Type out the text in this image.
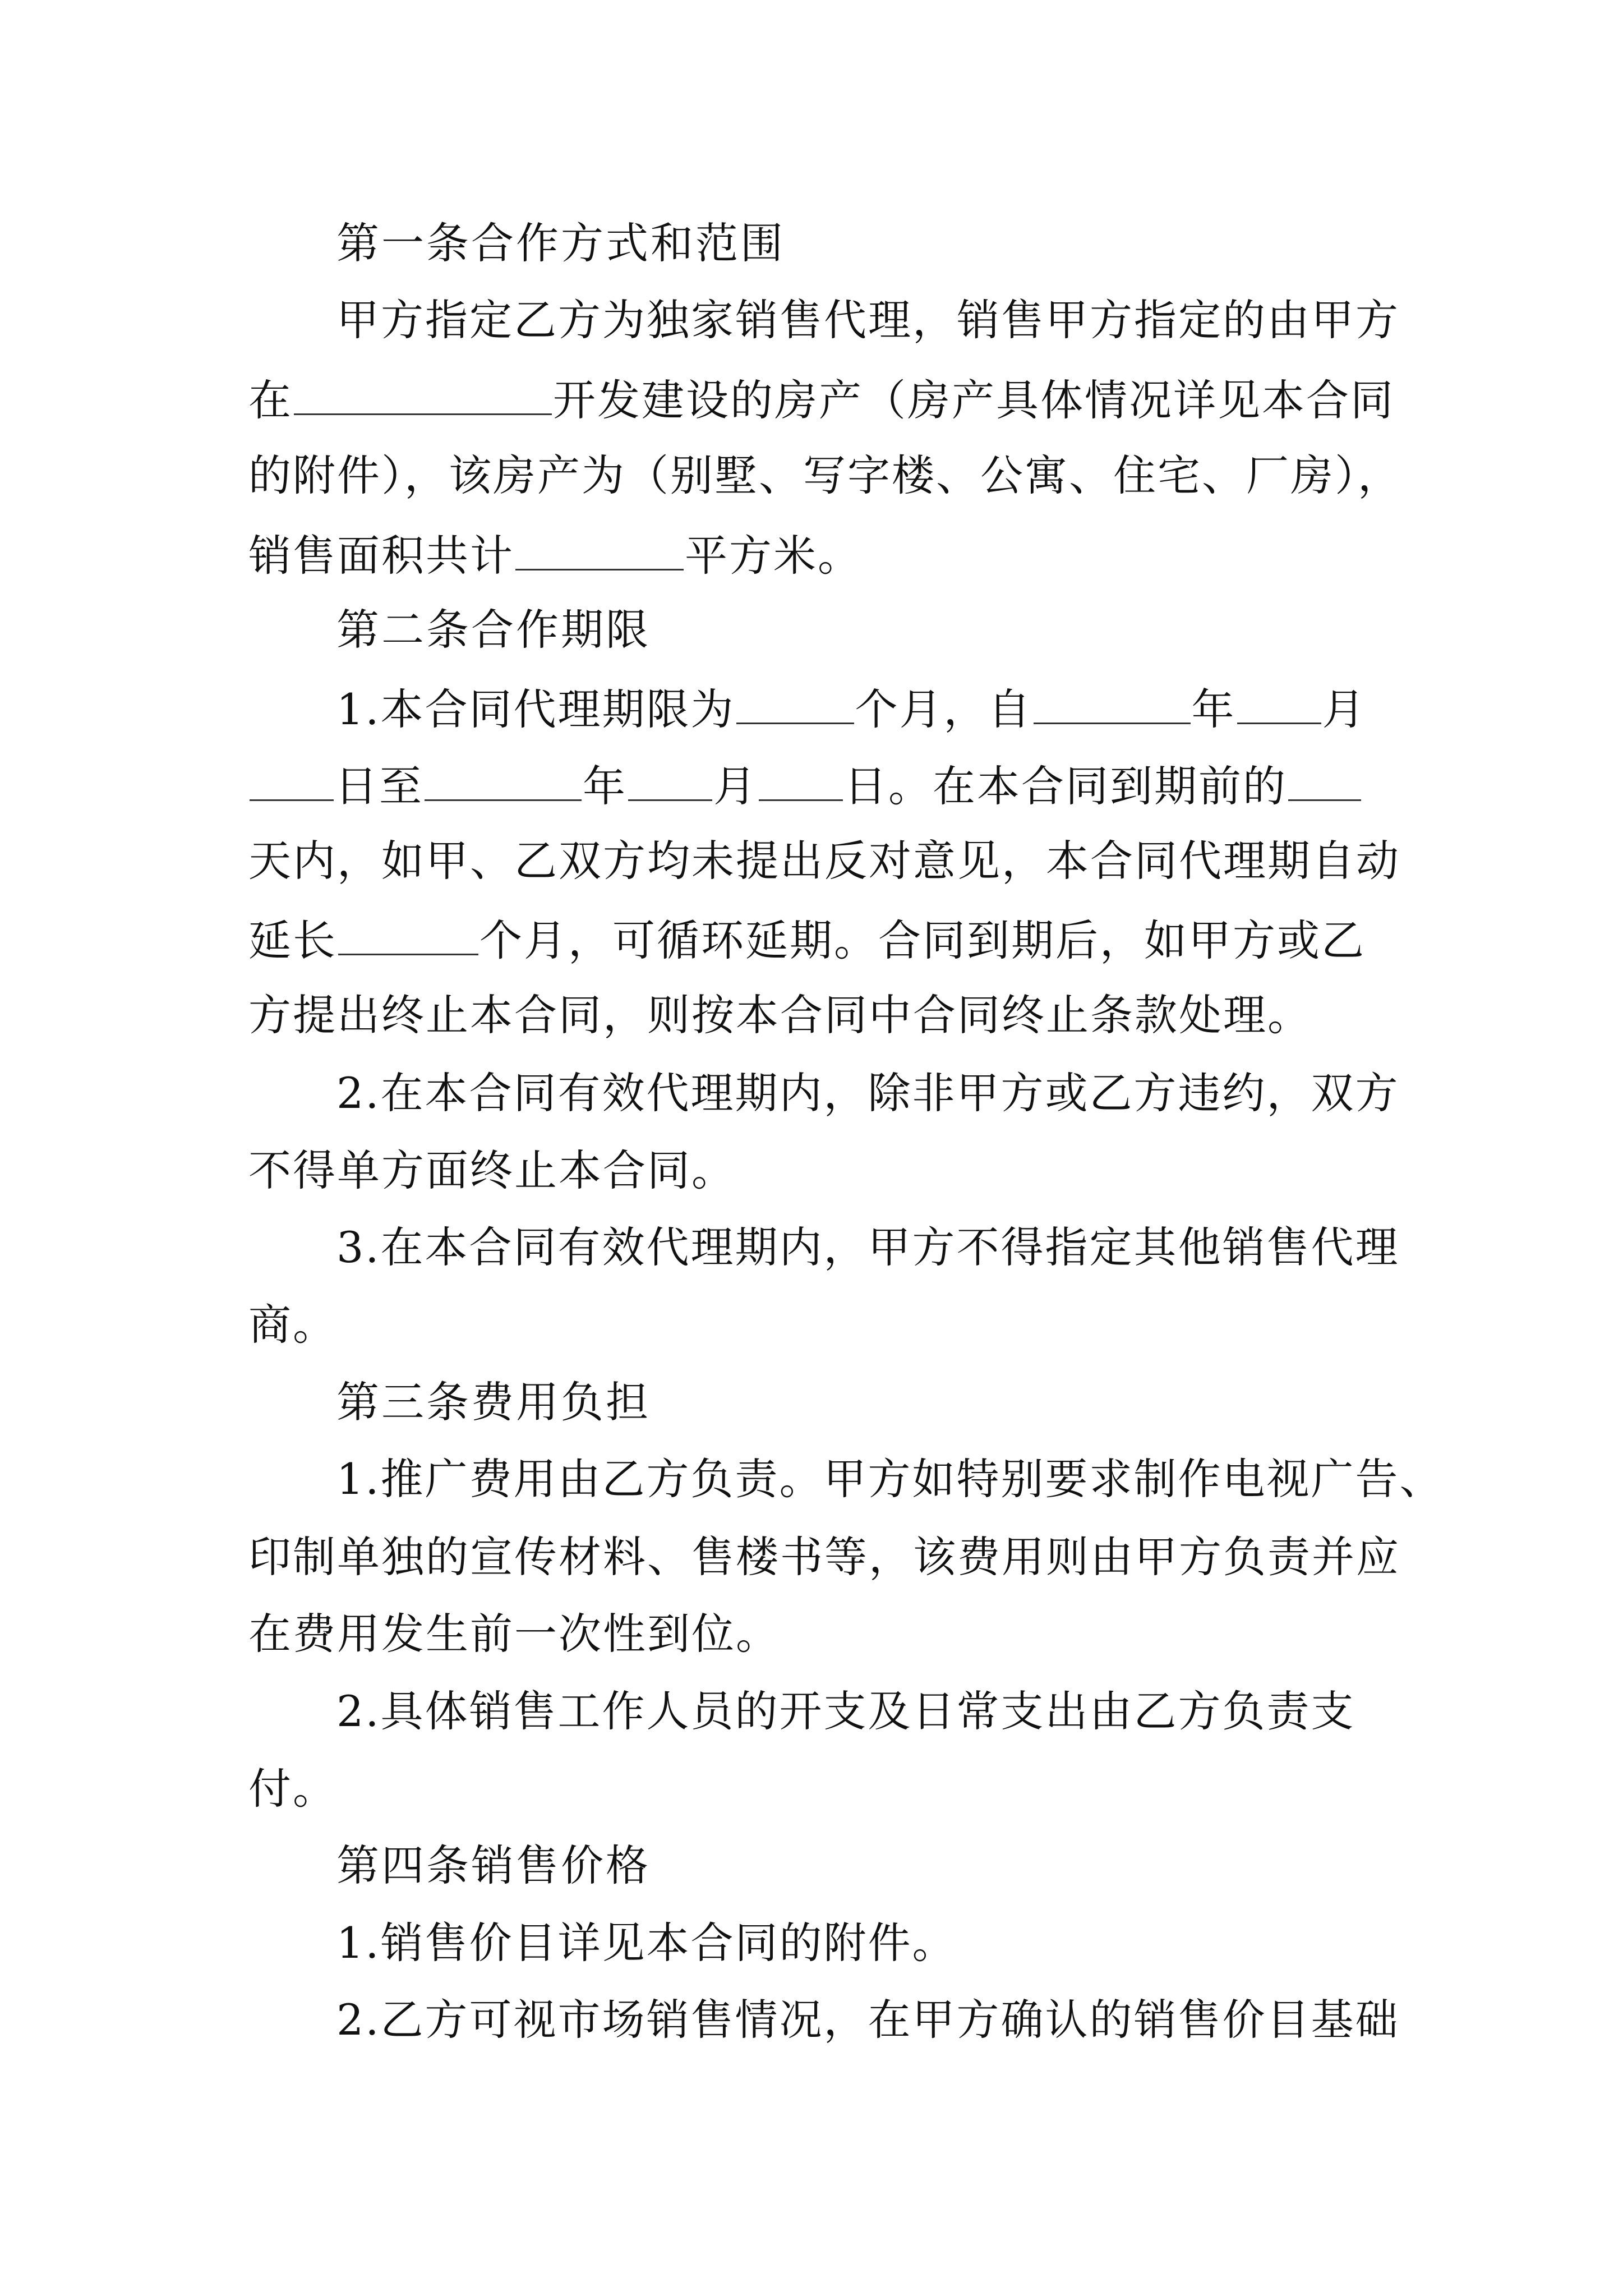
第一条合作方式和范围
甲方指定乙方为独家销售代理，销售甲方指定的由甲方
在	开发建设的房产（房产具体情况详见本合同
的附件），该房产为（别墅、写字楼、公寓、住宅、厂房），
销售面积共计	平方米。
第二条合作期限
1.本合同代理期限为	个月，自	年 月
日至	年 月 日。在本合同到期前的
天内，如甲、乙双方均未提出反对意见，本合同代理期自动
延长	个月，可循环延期。合同到期后，如甲方或乙
方提出终止本合同，则按本合同中合同终止条款处理。
2.在本合同有效代理期内，除非甲方或乙方违约，双方
不得单方面终止本合同。
3.在本合同有效代理期内，甲方不得指定其他销售代理
商。
第三条费用负担
1.推广费用由乙方负责。甲方如特别要求制作电视广告、
印制单独的宣传材料、售楼书等，该费用则由甲方负责并应
在费用发生前一次性到位。
2.具体销售工作人员的开支及日常支出由乙方负责支
付。
第四条销售价格
1.销售价目详见本合同的附件。
2.乙方可视市场销售情况，在甲方确认的销售价目基础
